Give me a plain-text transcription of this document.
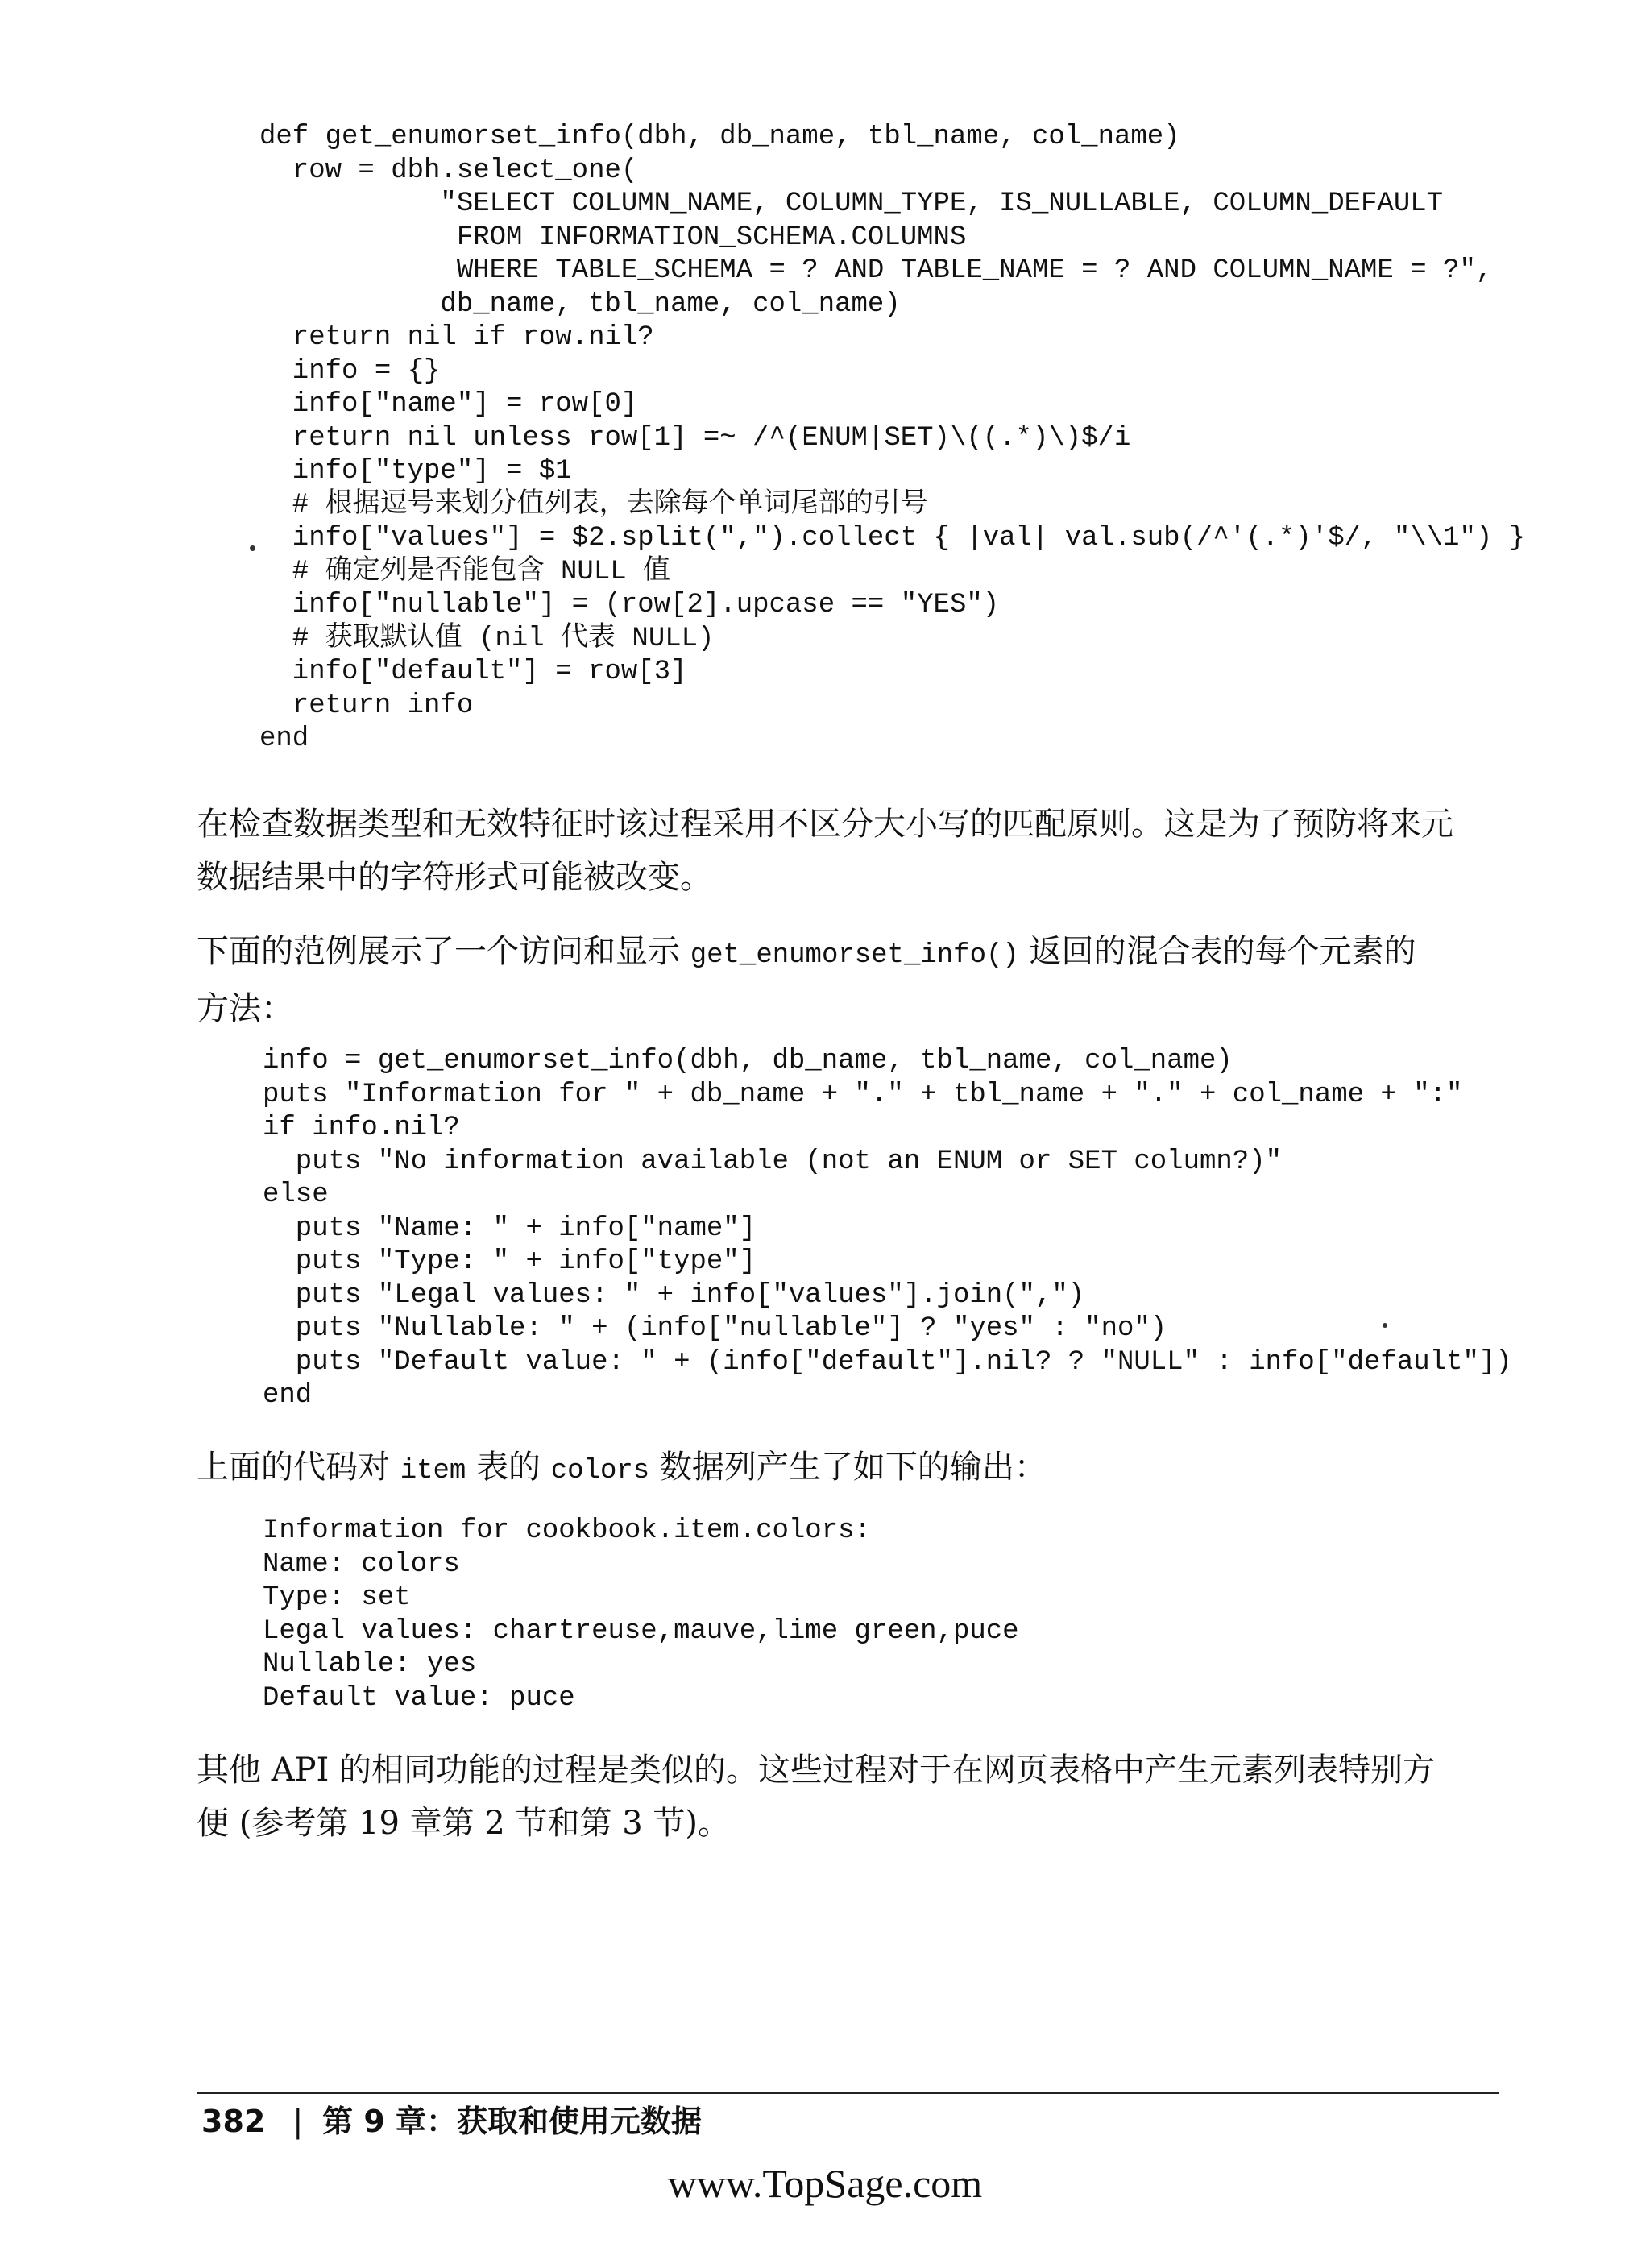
def get_enumorset_info(dbh, db_name, tbl_name, col_name)
row = dbh.select_one(
"SELECT COLUMN_NAME, COLUMN_TYPE, IS_NULLABLE, COLUMN_DEFAULT
FROM INFORMATION_SCHEMA.COLUMNS
WHERE TABLE_SCHEMA = ? AND TABLE_NAME = ? AND COLUMN_NAME = ?",
db_name, tbl_name, col_name)
return nil if row.nil?
info = {}
info["name"] = row[0]
return nil unless row[1] =~ /^(ENUM|SET)\((.*)\)$/i
info["type"] = $1
# 根据逗号来划分值列表，去除每个单词尾部的引号
info["values"] = $2.split(",").collect { |val| val.sub(/^'(.*)'$/, "\\1") }
# 确定列是否能包含 NULL 值
info["nullable"] = (row[2].upcase == "YES")
# 获取默认值 (nil 代表 NULL)
info["default"] = row[3]
return info
end

在检查数据类型和无效特征时该过程采用不区分大小写的匹配原则。这是为了预防将来元
数据结果中的字符形式可能被改变。

下面的范例展示了一个访问和显示 get_enumorset_info() 返回的混合表的每个元素的
方法：

info = get_enumorset_info(dbh, db_name, tbl_name, col_name)
puts "Information for " + db_name + "." + tbl_name + "." + col_name + ":"
if info.nil?
puts "No information available (not an ENUM or SET column?)"
else
puts "Name: " + info["name"]
puts "Type: " + info["type"]
puts "Legal values: " + info["values"].join(",")
puts "Nullable: " + (info["nullable"] ? "yes" : "no")
puts "Default value: " + (info["default"].nil? ? "NULL" : info["default"])
end

上面的代码对 item 表的 colors 数据列产生了如下的输出：

Information for cookbook.item.colors:
Name: colors
Type: set
Legal values: chartreuse,mauve,lime green,puce
Nullable: yes
Default value: puce

其他 API 的相同功能的过程是类似的。这些过程对于在网页表格中产生元素列表特别方
便 (参考第 19 章第 2 节和第 3 节)。

382 | 第 9 章：获取和使用元数据
www.TopSage.com
